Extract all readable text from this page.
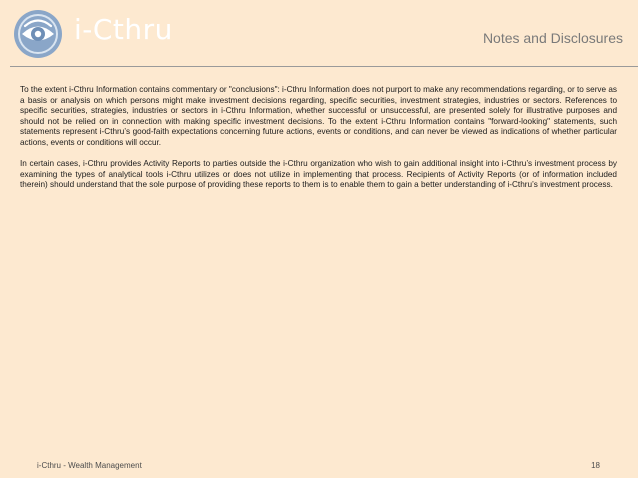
i-Cthru	Notes and Disclosures

To the extent i-Cthru Information contains commentary or "conclusions": i-Cthru Information does not purport to make any recommendations regarding, or to serve as a basis or analysis on which persons might make investment decisions regarding, specific securities, investment strategies, industries or sectors. References to specific securities, strategies, industries or sectors in i-Cthru Information, whether successful or unsuccessful, are presented solely for illustrative purposes and should not be relied on in connection with making specific investment decisions. To the extent i-Cthru Information contains "forward-looking" statements, such statements represent i-Cthru’s good-faith expectations concerning future actions, events or conditions, and can never be viewed as indications of whether particular actions, events or conditions will occur.

In certain cases, i-Cthru provides Activity Reports to parties outside the i-Cthru organization who wish to gain additional insight into i-Cthru’s investment process by examining the types of analytical tools i-Cthru utilizes or does not utilize in implementing that process. Recipients of Activity Reports (or of information included therein) should understand that the sole purpose of providing these reports to them is to enable them to gain a better understanding of i-Cthru’s investment process.

i-Cthru - Wealth Management	18
